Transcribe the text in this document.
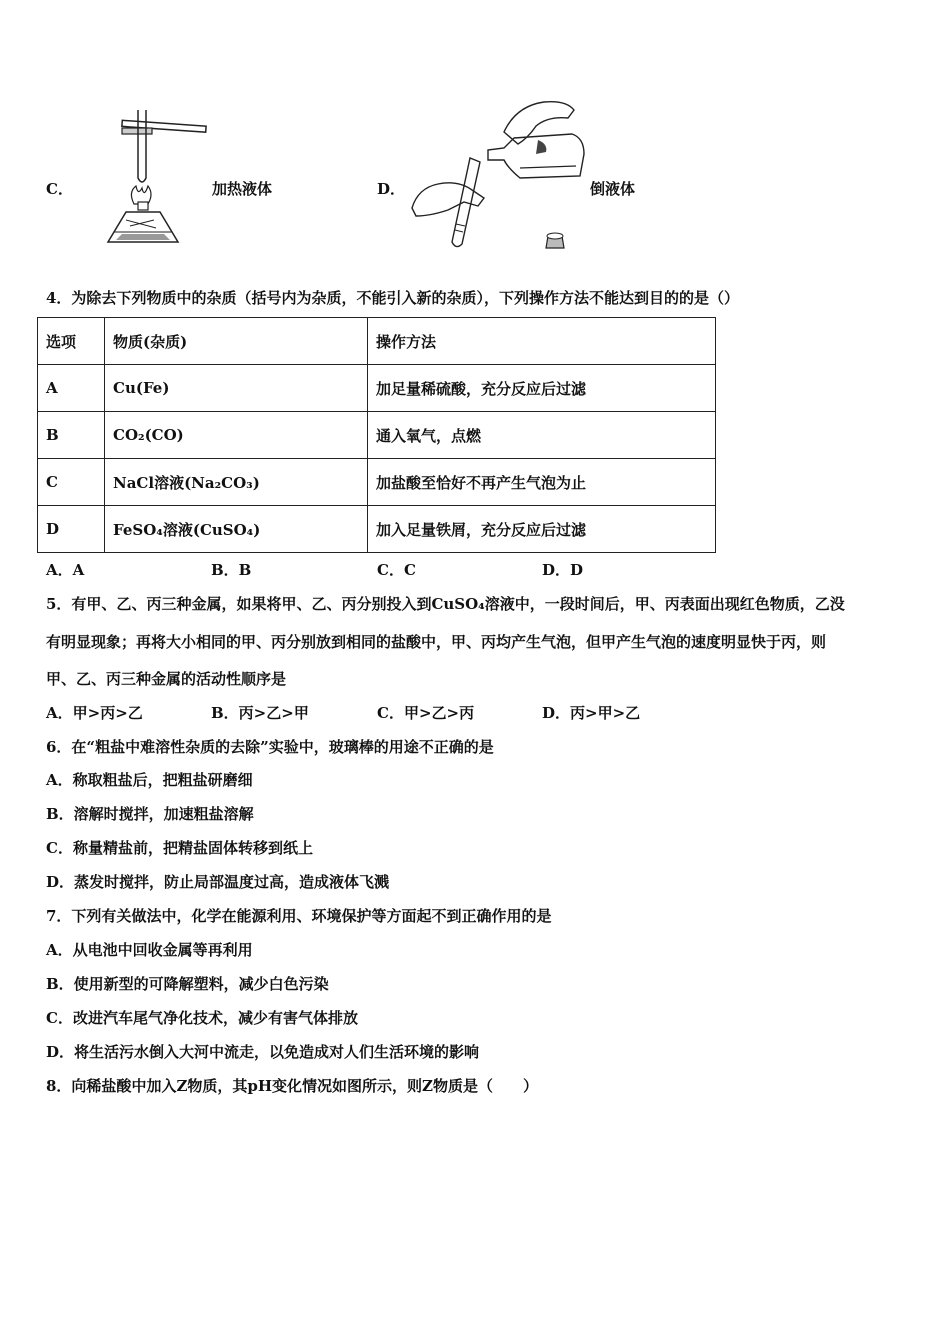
C．	加热液体	D．	倒液体
4．为除去下列物质中的杂质（括号内为杂质，不能引入新的杂质），下列操作方法不能达到目的的是（）
选项	物质(杂质)	操作方法
A	Cu(Fe)	加足量稀硫酸，充分反应后过滤
B	CO₂(CO)	通入氧气，点燃
C	NaCl溶液(Na₂CO₃)	加盐酸至恰好不再产生气泡为止
D	FeSO₄溶液(CuSO₄)	加入足量铁屑，充分反应后过滤
A．A	B．B	C．C	D．D
5．有甲、乙、丙三种金属，如果将甲、乙、丙分别投入到CuSO₄溶液中，一段时间后，甲、丙表面出现红色物质，乙没
有明显现象；再将大小相同的甲、丙分别放到相同的盐酸中，甲、丙均产生气泡，但甲产生气泡的速度明显快于丙，则
甲、乙、丙三种金属的活动性顺序是
A．甲>丙>乙	B．丙>乙>甲	C．甲>乙>丙	D．丙>甲>乙
6．在“粗盐中难溶性杂质的去除”实验中，玻璃棒的用途不正确的是
A．称取粗盐后，把粗盐研磨细
B．溶解时搅拌，加速粗盐溶解
C．称量精盐前，把精盐固体转移到纸上
D．蒸发时搅拌，防止局部温度过高，造成液体飞溅
7．下列有关做法中，化学在能源利用、环境保护等方面起不到正确作用的是
A．从电池中回收金属等再利用
B．使用新型的可降解塑料，减少白色污染
C．改进汽车尾气净化技术，减少有害气体排放
D．将生活污水倒入大河中流走，以免造成对人们生活环境的影响
8．向稀盐酸中加入Z物质，其pH变化情况如图所示，则Z物质是（　　）
